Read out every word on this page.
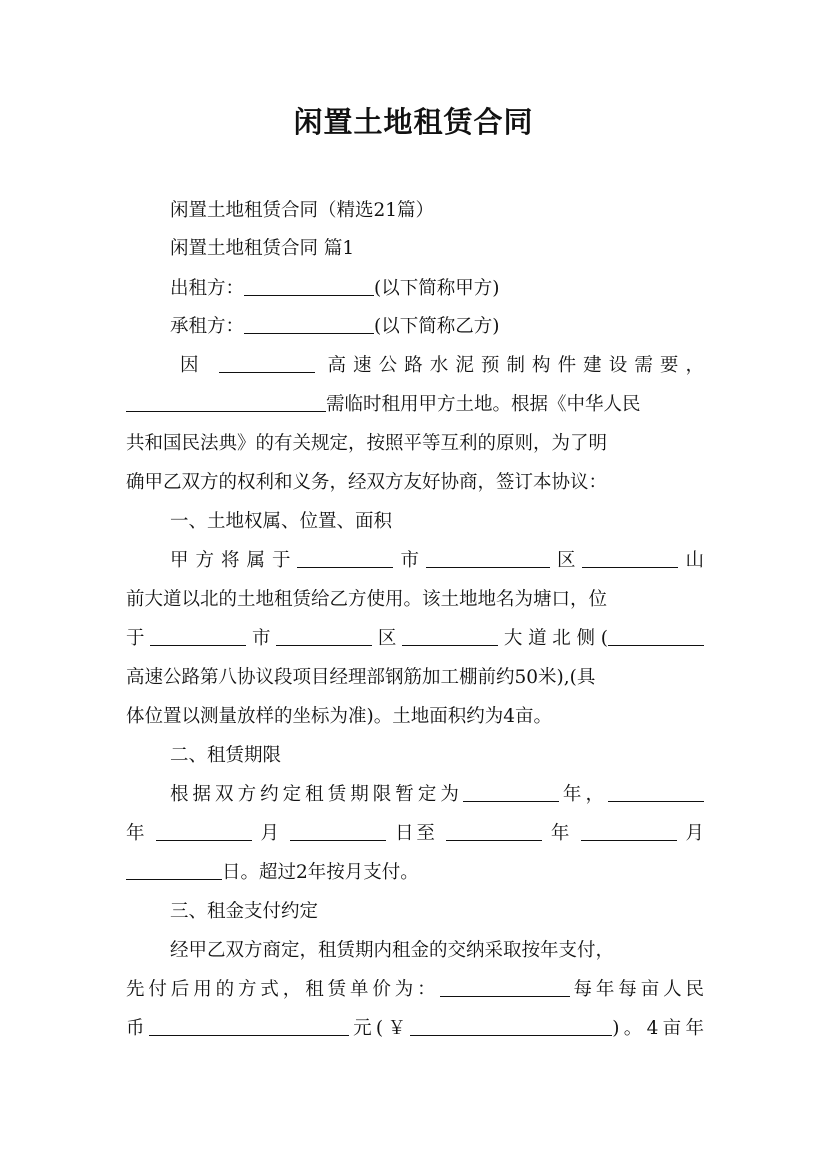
闲置土地租赁合同
闲置土地租赁合同（精选21篇）
闲置土地租赁合同 篇1
出租方：	(以下简称甲方)
承租方：	(以下简称乙方)
因	高速公路水泥预制构件建设需要，
需临时租用甲方土地。根据《中华人民
共和国民法典》的有关规定，按照平等互利的原则，为了明
确甲乙双方的权利和义务，经双方友好协商，签订本协议：
一、土地权属、位置、面积
甲方将属于	市	区	山
前大道以北的土地租赁给乙方使用。该土地地名为塘口，位
于	市	区	大道北侧(
高速公路第八协议段项目经理部钢筋加工棚前约50米),(具
体位置以测量放样的坐标为准)。土地面积约为4亩。
二、租赁期限
根据双方约定租赁期限暂定为	年，
年	月	日至	年	月
日。超过2年按月支付。
三、租金支付约定
经甲乙双方商定，租赁期内租金的交纳采取按年支付，
先付后用的方式，租赁单价为：	每年每亩人民
币	元(￥	)。4亩年
